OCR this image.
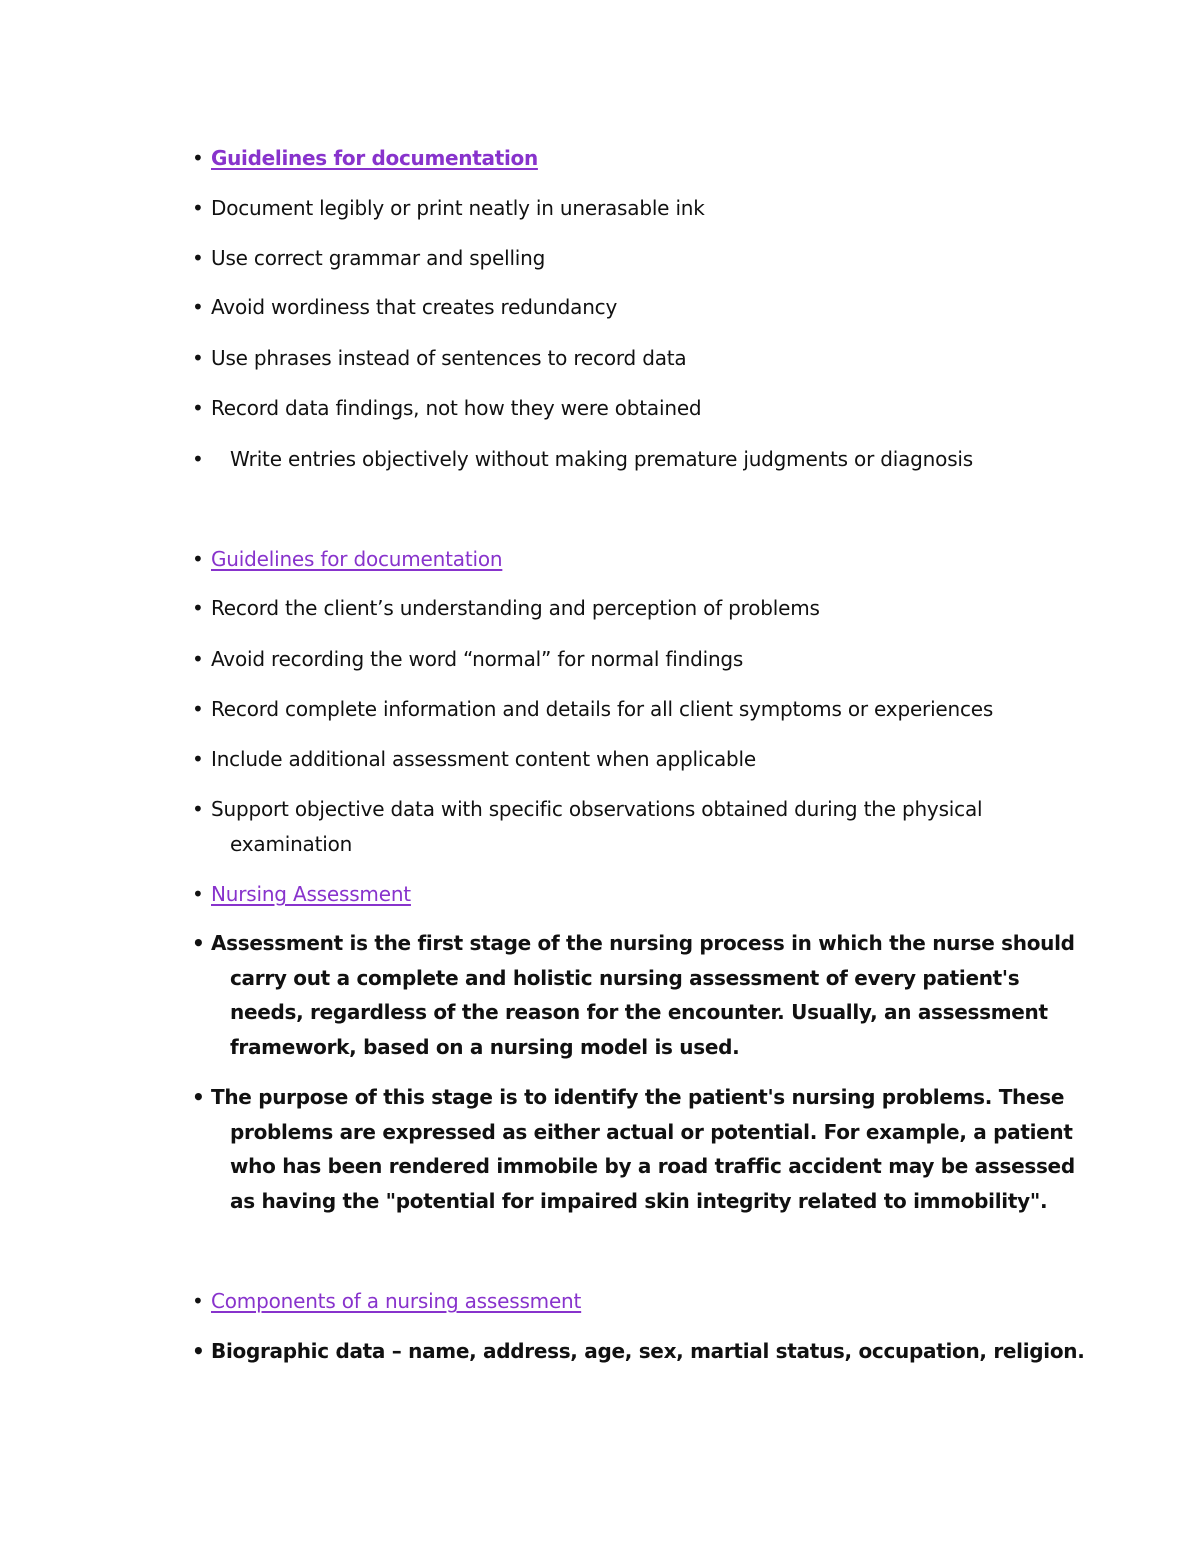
• Guidelines for documentation
• Document legibly or print neatly in unerasable ink
• Use correct grammar and spelling
• Avoid wordiness that creates redundancy
• Use phrases instead of sentences to record data
• Record data findings, not how they were obtained
• Write entries objectively without making premature judgments or diagnosis
• Guidelines for documentation
• Record the client’s understanding and perception of problems
• Avoid recording the word “normal” for normal findings
• Record complete information and details for all client symptoms or experiences
• Include additional assessment content when applicable
• Support objective data with specific observations obtained during the physical
examination
• Nursing Assessment
• Assessment is the first stage of the nursing process in which the nurse should
carry out a complete and holistic nursing assessment of every patient's
needs, regardless of the reason for the encounter. Usually, an assessment
framework, based on a nursing model is used.
• The purpose of this stage is to identify the patient's nursing problems. These
problems are expressed as either actual or potential. For example, a patient
who has been rendered immobile by a road traffic accident may be assessed
as having the "potential for impaired skin integrity related to immobility".
• Components of a nursing assessment
• Biographic data – name, address, age, sex, martial status, occupation, religion.
